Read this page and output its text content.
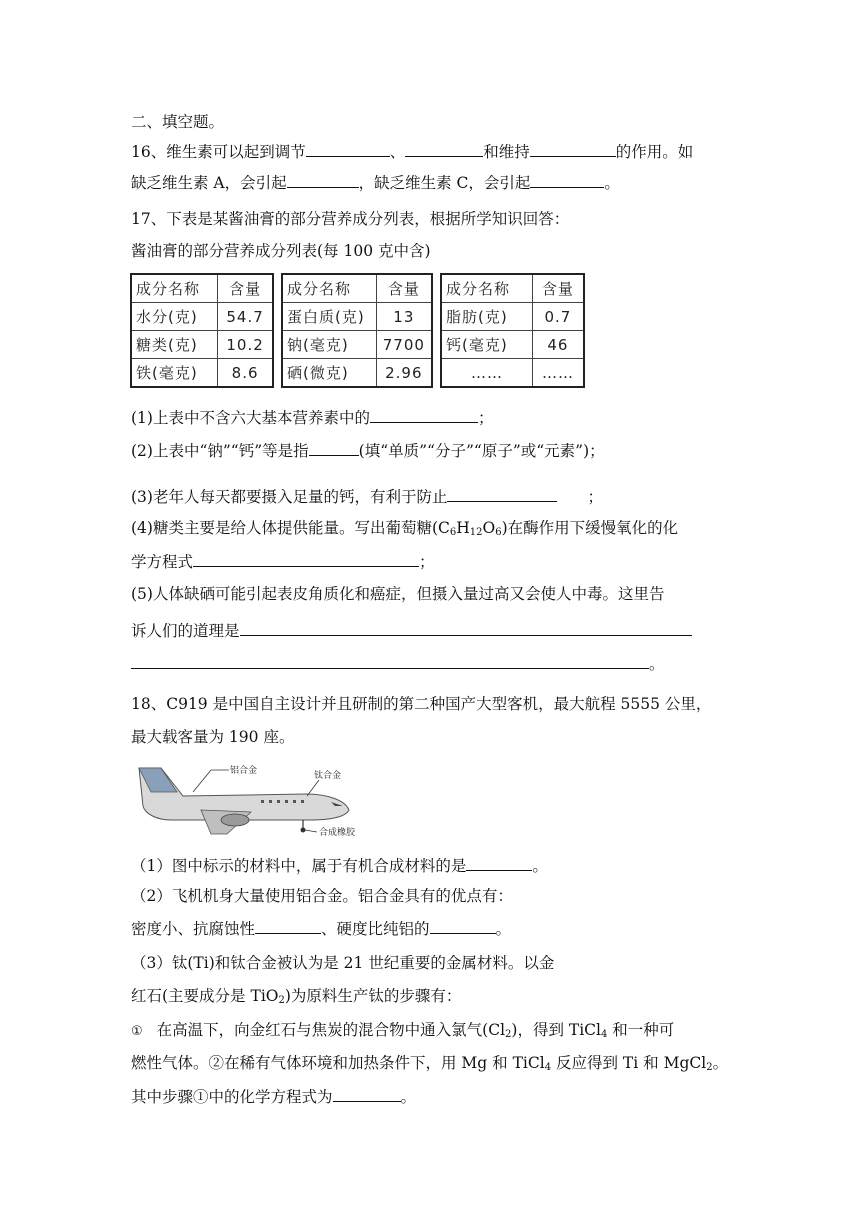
二、填空题。
16、维生素可以起到调节	、	和维持	的作用。如
缺乏维生素 A，会引起	，缺乏维生素 C，会引起	。
17、下表是某酱油膏的部分营养成分列表，根据所学知识回答：
酱油膏的部分营养成分列表(每 100 克中含)
成分名称	含量
水分(克)	54.7
糖类(克)	10.2
铁(毫克)	8.6
成分名称	含量
蛋白质(克)	13
钠(毫克)	7700
硒(微克)	2.96
成分名称	含量
脂肪(克)	0.7
钙(毫克)	46
……	……
(1)上表中不含六大基本营养素中的	；
(2)上表中“钠”“钙”等是指	(填“单质”“分子”“原子”或“元素”)；
(3)老年人每天都要摄入足量的钙，有利于防止	；
(4)糖类主要是给人体提供能量。写出葡萄糖$(C_6H_{12}O_6)$在酶作用下缓慢氧化的化
学方程式	；
(5)人体缺硒可能引起表皮角质化和癌症，但摄入量过高又会使人中毒。这里告
诉人们的道理是
。
18、C919 是中国自主设计并且研制的第二种国产大型客机，最大航程 5555 公里，
最大载客量为 190 座。
铝合金	钛合金
合成橡胶
（1）图中标示的材料中，属于有机合成材料的是	。
（2）飞机机身大量使用铝合金。铝合金具有的优点有：
密度小、抗腐蚀性	、硬度比纯铝的	。
（3）钛(Ti)和钛合金被认为是 21 世纪重要的金属材料。以金
红石(主要成分是 TiO$_2$)为原料生产钛的步骤有：
① 在高温下，向金红石与焦炭的混合物中通入氯气$(Cl_2)$，得到 TiCl$_4$ 和一种可
燃性气体。②在稀有气体环境和加热条件下，用 Mg 和 TiCl$_4$ 反应得到 Ti 和 MgCl$_2$。
其中步骤①中的化学方程式为	。
